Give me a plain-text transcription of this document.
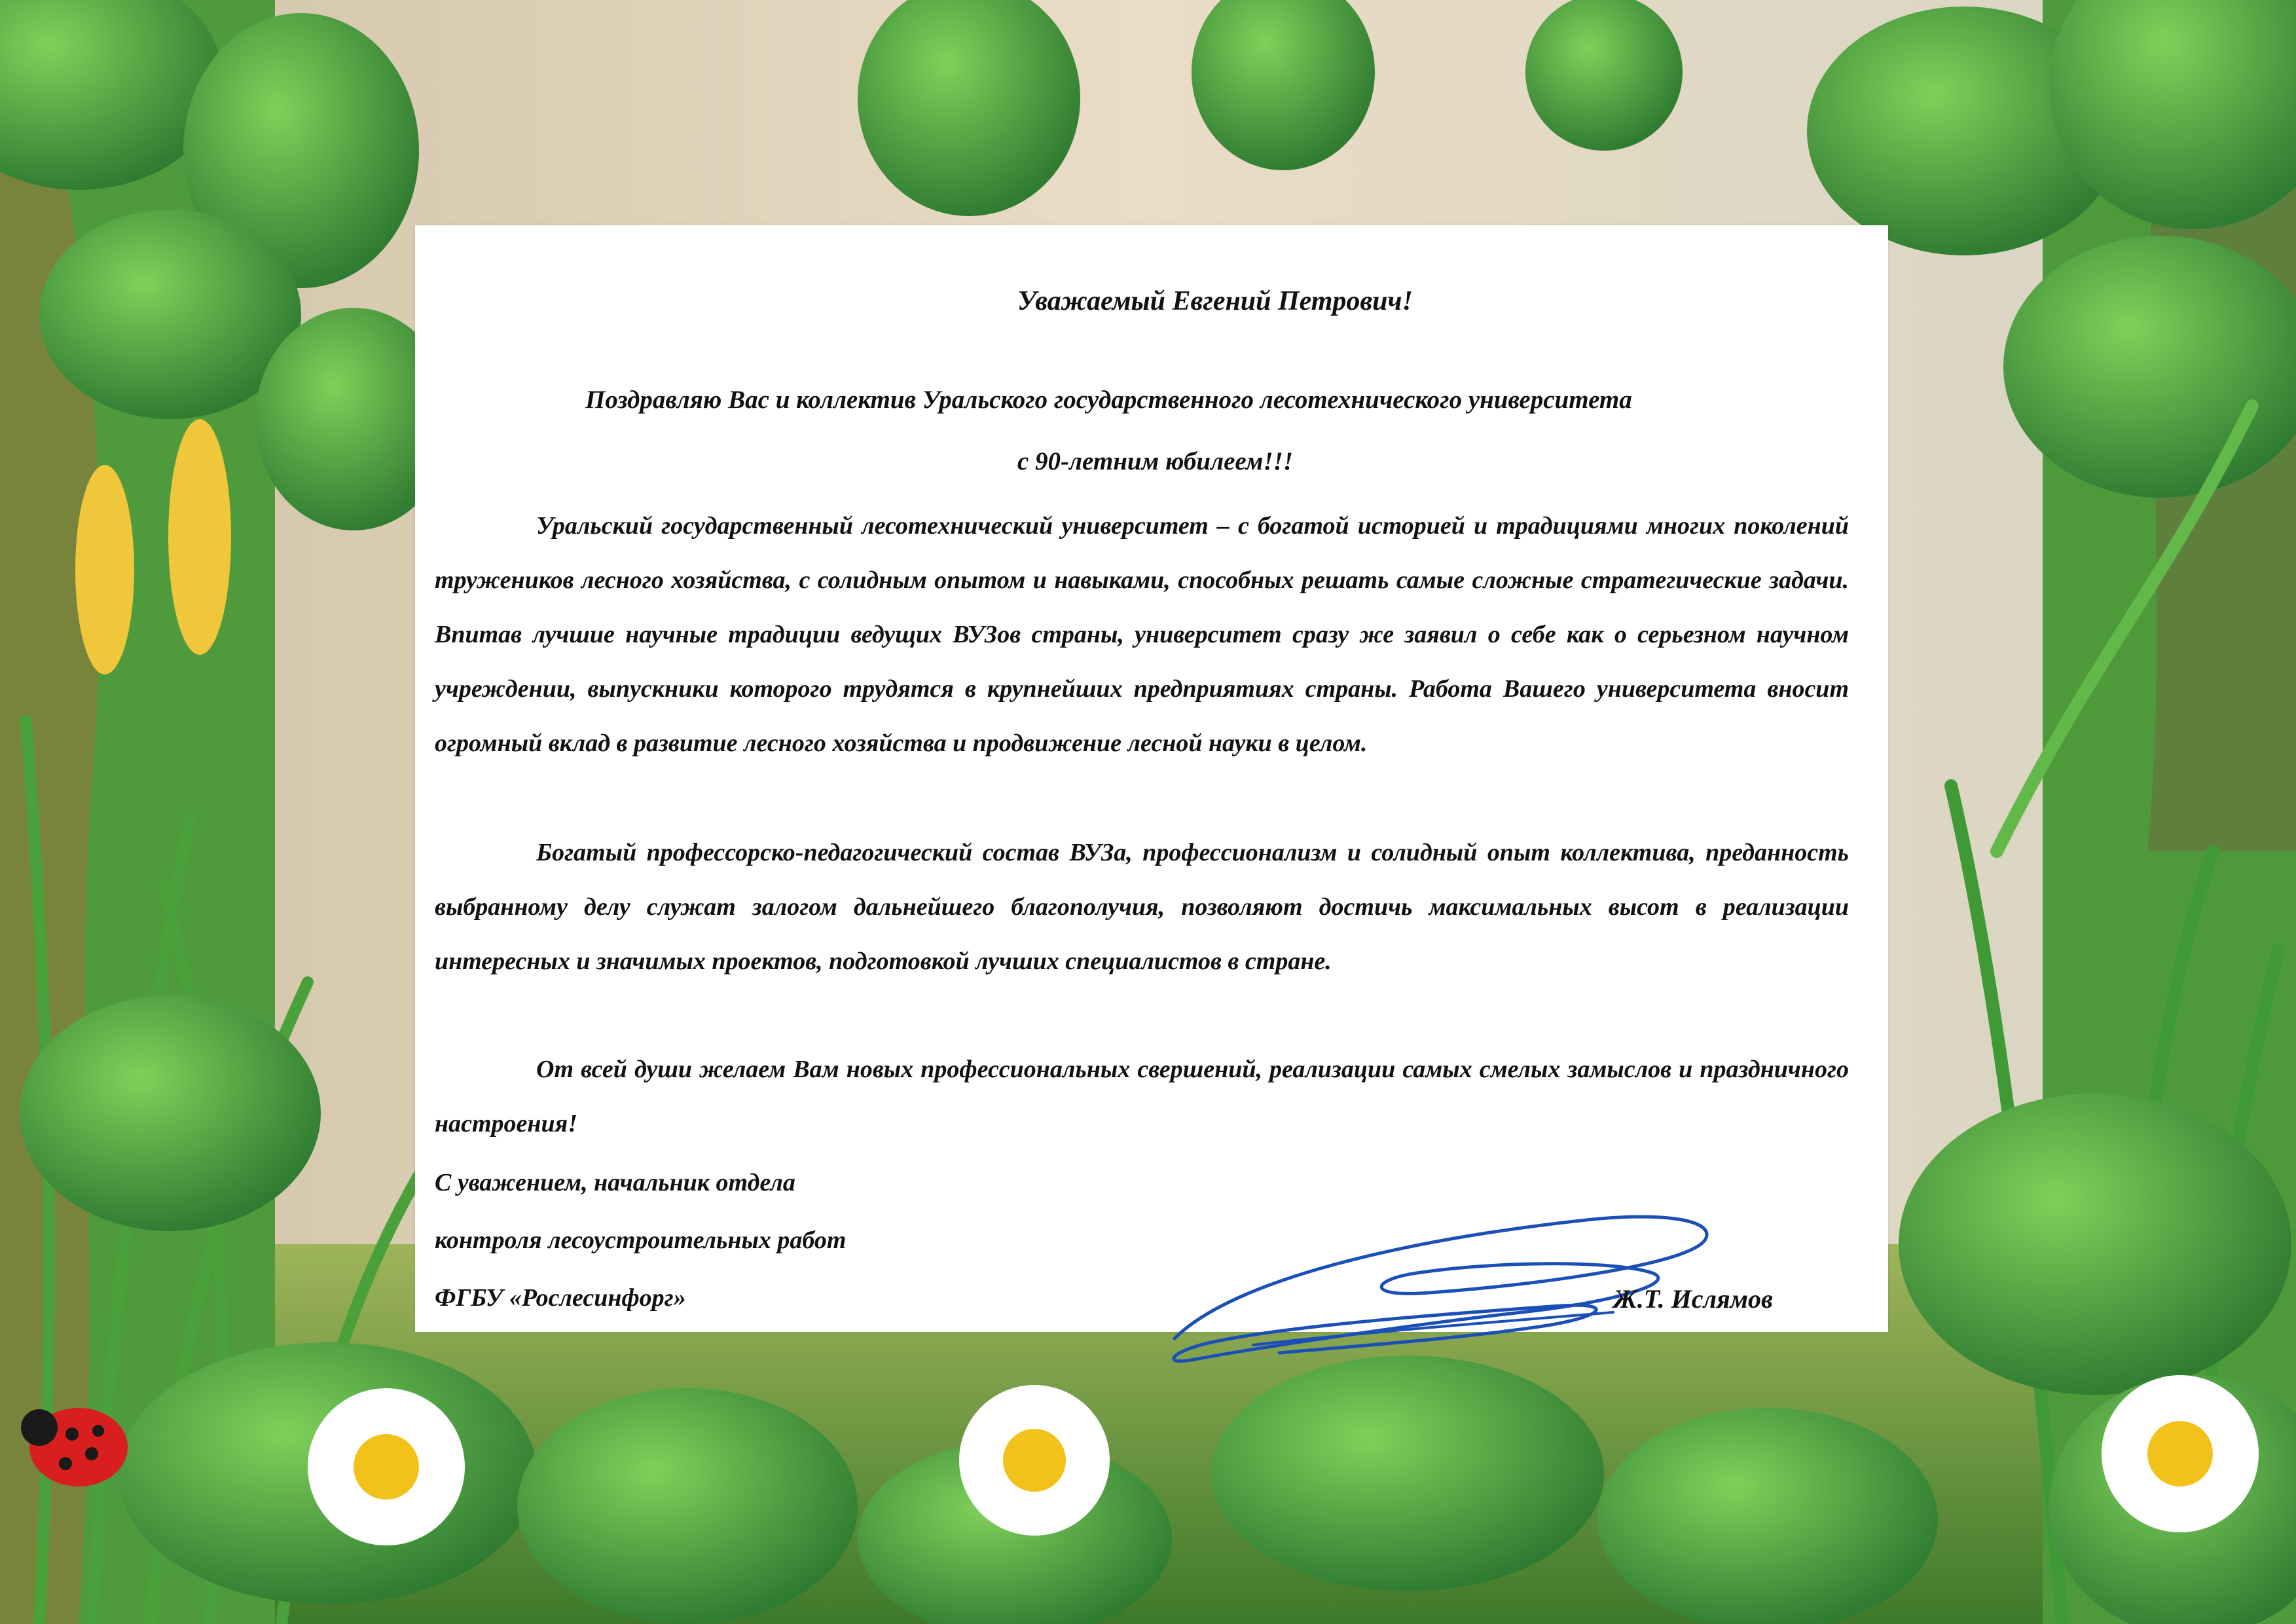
Уважаемый Евгений Петрович!

Поздравляю Вас и коллектив Уральского государственного лесотехнического университета

с 90-летним юбилеем!!!

Уральский государственный лесотехнический университет – с богатой историей и традициями многих поколений тружеников лесного хозяйства, с солидным опытом и навыками, способных решать самые сложные стратегические задачи. Впитав лучшие научные традиции ведущих ВУЗов страны, университет сразу же заявил о себе как о серьезном научном учреждении, выпускники которого трудятся в крупнейших предприятиях страны. Работа Вашего университета вносит огромный вклад в развитие лесного хозяйства и продвижение лесной науки в целом.

Богатый профессорско-педагогический состав ВУЗа, профессионализм и солидный опыт коллектива, преданность выбранному делу служат залогом дальнейшего благополучия, позволяют достичь максимальных высот в реализации интересных и значимых проектов, подготовкой лучших специалистов в стране.

От всей души желаем Вам новых профессиональных свершений, реализации самых смелых замыслов и праздничного настроения!

С уважением, начальник отдела

контроля лесоустроительных работ

ФГБУ «Рослесинфорг»	Ж.Т. Иcлямов
